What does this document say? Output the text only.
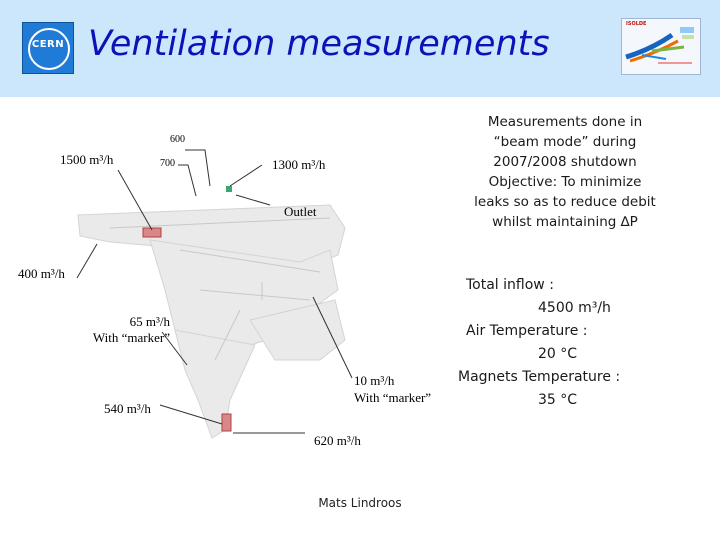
CERN Ventilation measurements	ISOLDE
1500 m³/h
600
700	1300 m³/h
Outlet
400 m³/h
65 m³/h
With “marker”
540 m³/h
10 m³/h
With “marker”
620 m³/h
Measurements done in
“beam mode” during
2007/2008 shutdown
Objective: To minimize
leaks so as to reduce debit
whilst maintaining ∆P
Total inflow :
4500 m³/h
Air Temperature :
20 °C
Magnets Temperature :
35 °C
Mats Lindroos
